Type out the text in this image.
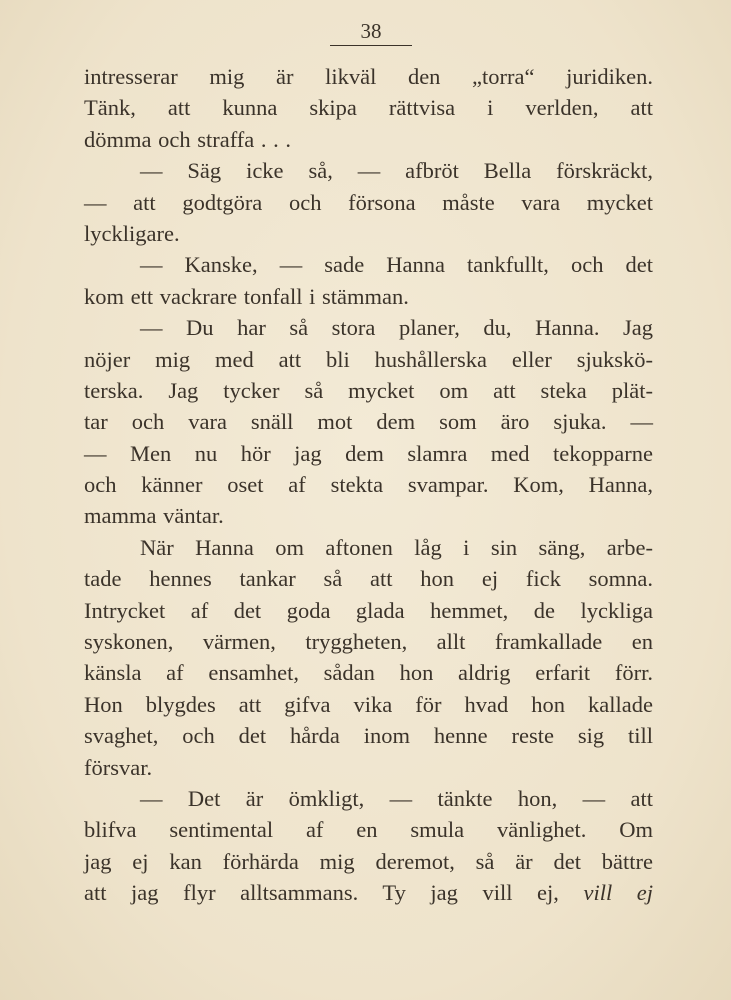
38
intresserar mig är likväl den „torra“ juridiken.
Tänk, att kunna skipa rättvisa i verlden, att
dömma och straffa . . .
— Säg icke så, — afbröt Bella förskräckt,
— att godtgöra och försona måste vara mycket
lyckligare.
— Kanske, — sade Hanna tankfullt, och det
kom ett vackrare tonfall i stämman.
— Du har så stora planer, du, Hanna. Jag
nöjer mig med att bli hushållerska eller sjukskö-
terska. Jag tycker så mycket om att steka plät-
tar och vara snäll mot dem som äro sjuka. —
— Men nu hör jag dem slamra med tekopparne
och känner oset af stekta svampar. Kom, Hanna,
mamma väntar.
När Hanna om aftonen låg i sin säng, arbe-
tade hennes tankar så att hon ej fick somna.
Intrycket af det goda glada hemmet, de lyckliga
syskonen, värmen, tryggheten, allt framkallade en
känsla af ensamhet, sådan hon aldrig erfarit förr.
Hon blygdes att gifva vika för hvad hon kallade
svaghet, och det hårda inom henne reste sig till
försvar.
— Det är ömkligt, — tänkte hon, — att
blifva sentimental af en smula vänlighet. Om
jag ej kan förhärda mig deremot, så är det bättre
att jag flyr alltsammans. Ty jag vill ej, vill ej
